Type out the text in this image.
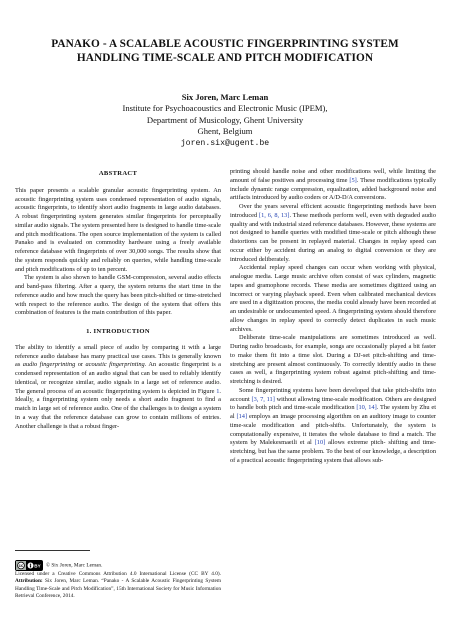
PANAKO - A SCALABLE ACOUSTIC FINGERPRINTING SYSTEM
HANDLING TIME-SCALE AND PITCH MODIFICATION
Six Joren, Marc Leman
Institute for Psychoacoustics and Electronic Music (IPEM),
Department of Musicology, Ghent University
Ghent, Belgium
joren.six@ugent.be
ABSTRACT

This paper presents a scalable granular acoustic fingerprinting system. An acoustic fingerprinting system uses condensed representation of audio signals, acoustic fingerprints, to identify short audio fragments in large audio databases. A robust fingerprinting system generates similar fingerprints for perceptually similar audio signals. The system presented here is designed to handle time-scale and pitch modifications. The open source implementation of the system is called Panako and is evaluated on commodity hardware using a freely available reference database with fingerprints of over 30,000 songs. The results show that the system responds quickly and reliably on queries, while handling time-scale and pitch modifications of up to ten percent.

The system is also shown to handle GSM-compression, several audio effects and band-pass filtering. After a query, the system returns the start time in the reference audio and how much the query has been pitch-shifted or time-stretched with respect to the reference audio. The design of the system that offers this combination of features is the main contribution of this paper.

1. INTRODUCTION

The ability to identify a small piece of audio by comparing it with a large reference audio database has many practical use cases. This is generally known as audio fingerprinting or acoustic fingerprinting. An acoustic fingerprint is a condensed representation of an audio signal that can be used to reliably identify identical, or recognize similar, audio signals in a large set of reference audio. The general process of an acoustic fingerprinting system is depicted in Figure 1. Ideally, a fingerprinting system only needs a short audio fragment to find a match in large set of reference audio. One of the challenges is to design a system in a way that the reference database can grow to contain millions of entries. Another challenge is that a robust finger-

cc BY © Six Joren, Marc Leman.
Licensed under a Creative Commons Attribution 4.0 International License (CC BY 4.0). Attribution: Six Joren, Marc Leman. “Panako - A Scalable Acoustic Fingerprinting System Handling Time-Scale and Pitch Modification”, 15th International Society for Music Information Retrieval Conference, 2014.

printing should handle noise and other modifications well, while limiting the amount of false positives and processing time [5]. These modifications typically include dynamic range compression, equalization, added background noise and artifacts introduced by audio coders or A/D-D/A conversions.

Over the years several efficient acoustic fingerprinting methods have been introduced [1, 6, 8, 13]. These methods perform well, even with degraded audio quality and with industrial sized reference databases. However, these systems are not designed to handle queries with modified time-scale or pitch although these distortions can be present in replayed material. Changes in replay speed can occur either by accident during an analog to digital conversion or they are introduced deliberately.

Accidental replay speed changes can occur when working with physical, analogue media. Large music archive often consist of wax cylinders, magnetic tapes and gramophone records. These media are sometimes digitized using an incorrect or varying playback speed. Even when calibrated mechanical devices are used in a digitization process, the media could already have been recorded at an undesirable or undocumented speed. A fingerprinting system should therefore allow changes in replay speed to correctly detect duplicates in such music archives.

Deliberate time-scale manipulations are sometimes introduced as well. During radio broadcasts, for example, songs are occasionally played a bit faster to make them fit into a time slot. During a DJ-set pitch-shifting and time-stretching are present almost continuously. To correctly identify audio in these cases as well, a fingerprinting system robust against pitch-shifting and time-stretching is desired.

Some fingerprinting systems have been developed that take pitch-shifts into account [3, 7, 11] without allowing time-scale modification. Others are designed to handle both pitch and time-scale modification [10, 14]. The system by Zhu et al [14] employs an image processing algorithm on an auditory image to counter time-scale modification and pitch-shifts. Unfortunately, the system is computationally expensive, it iterates the whole database to find a match. The system by Malekesmaeili et al [10] allows extreme pitch- shifting and time-stretching, but has the same problem. To the best of our knowledge, a description of a practical acoustic fingerprinting system that allows sub-
